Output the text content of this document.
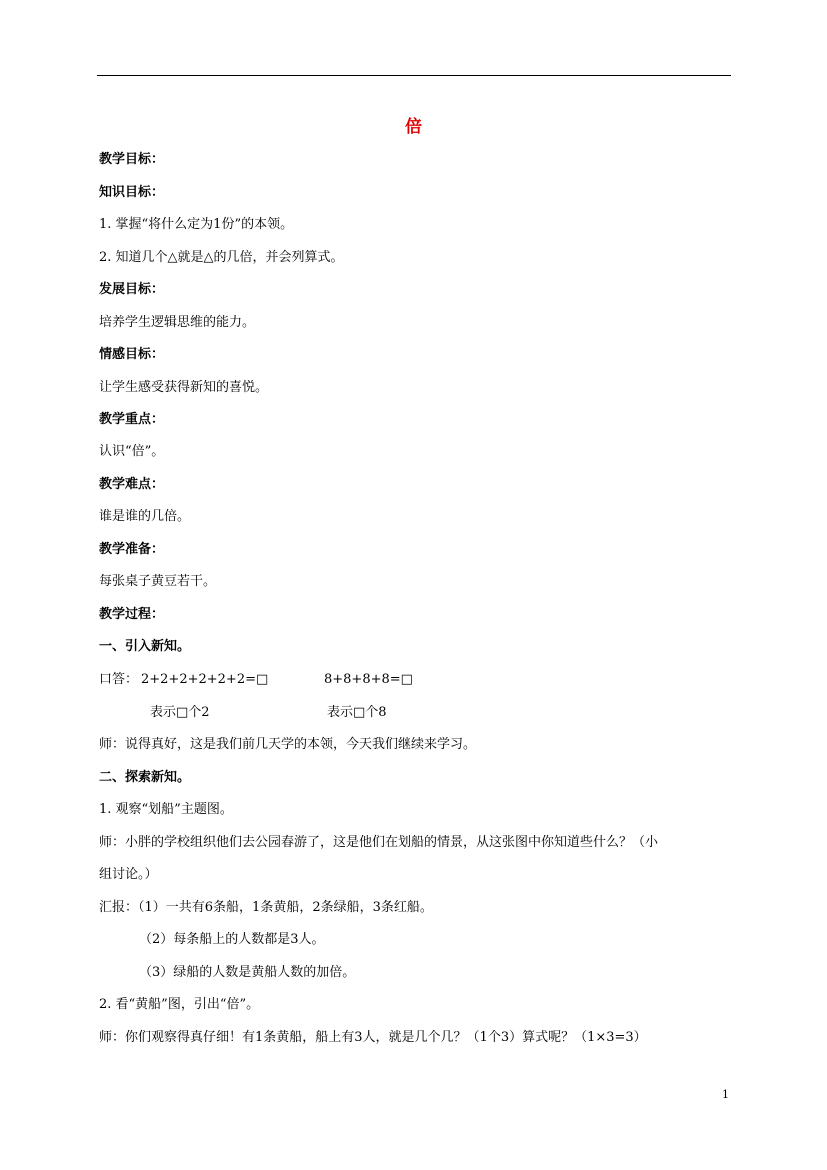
倍
教学目标：
知识目标：
1. 掌握“将什么定为1份”的本领。
2. 知道几个△就是△的几倍，并会列算式。
发展目标：
培养学生逻辑思维的能力。
情感目标：
让学生感受获得新知的喜悦。
教学重点：
认识“倍”。
教学难点：
谁是谁的几倍。
教学准备：
每张桌子黄豆若干。
教学过程：
一、引入新知。
口答： 2+2+2+2+2+2=□	8+8+8+8=□
表示□个2	表示□个8
师：说得真好，这是我们前几天学的本领，今天我们继续来学习。
二、探索新知。
1. 观察“划船”主题图。
师：小胖的学校组织他们去公园春游了，这是他们在划船的情景，从这张图中你知道些什么？（小
组讨论。）
汇报：（1）一共有6条船，1条黄船，2条绿船，3条红船。
（2）每条船上的人数都是3人。
（3）绿船的人数是黄船人数的加倍。
2. 看“黄船”图，引出“倍”。
师：你们观察得真仔细！有1条黄船，船上有3人，就是几个几？（1个3）算式呢？（1×3=3）
1
